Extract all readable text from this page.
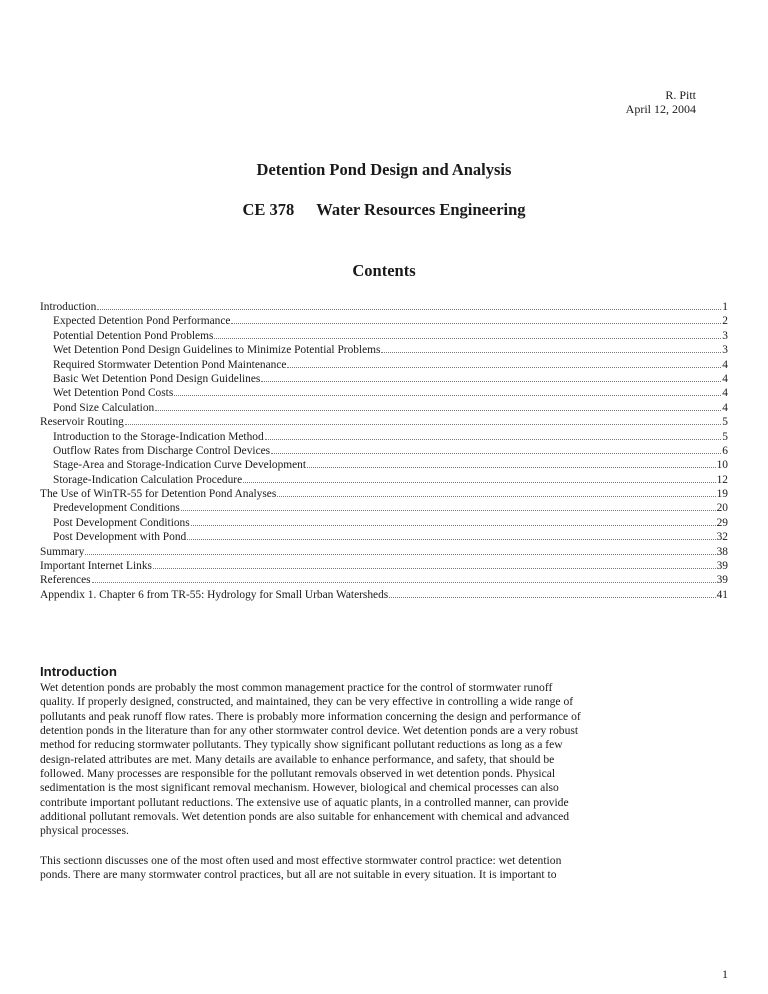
R. Pitt
April 12, 2004
Detention Pond Design and Analysis
CE 378 Water Resources Engineering
Contents
Introduction	1
Expected Detention Pond Performance	2
Potential Detention Pond Problems	3
Wet Detention Pond Design Guidelines to Minimize Potential Problems	3
Required Stormwater Detention Pond Maintenance	4
Basic Wet Detention Pond Design Guidelines	4
Wet Detention Pond Costs	4
Pond Size Calculation	4
Reservoir Routing	5
Introduction to the Storage-Indication Method	5
Outflow Rates from Discharge Control Devices	6
Stage-Area and Storage-Indication Curve Development	10
Storage-Indication Calculation Procedure	12
The Use of WinTR-55 for Detention Pond Analyses	19
Predevelopment Conditions	20
Post Development Conditions	29
Post Development with Pond	32
Summary	38
Important Internet Links	39
References	39
Appendix 1. Chapter 6 from TR-55: Hydrology for Small Urban Watersheds	41
Introduction

Wet detention ponds are probably the most common management practice for the control of stormwater runoff
quality. If properly designed, constructed, and maintained, they can be very effective in controlling a wide range of
pollutants and peak runoff flow rates. There is probably more information concerning the design and performance of
detention ponds in the literature than for any other stormwater control device. Wet detention ponds are a very robust
method for reducing stormwater pollutants. They typically show significant pollutant reductions as long as a few
design-related attributes are met. Many details are available to enhance performance, and safety, that should be
followed. Many processes are responsible for the pollutant removals observed in wet detention ponds. Physical
sedimentation is the most significant removal mechanism. However, biological and chemical processes can also
contribute important pollutant reductions. The extensive use of aquatic plants, in a controlled manner, can provide
additional pollutant removals. Wet detention ponds are also suitable for enhancement with chemical and advanced
physical processes.

This sectionn discusses one of the most often used and most effective stormwater control practice: wet detention
ponds. There are many stormwater control practices, but all are not suitable in every situation. It is important to

1
